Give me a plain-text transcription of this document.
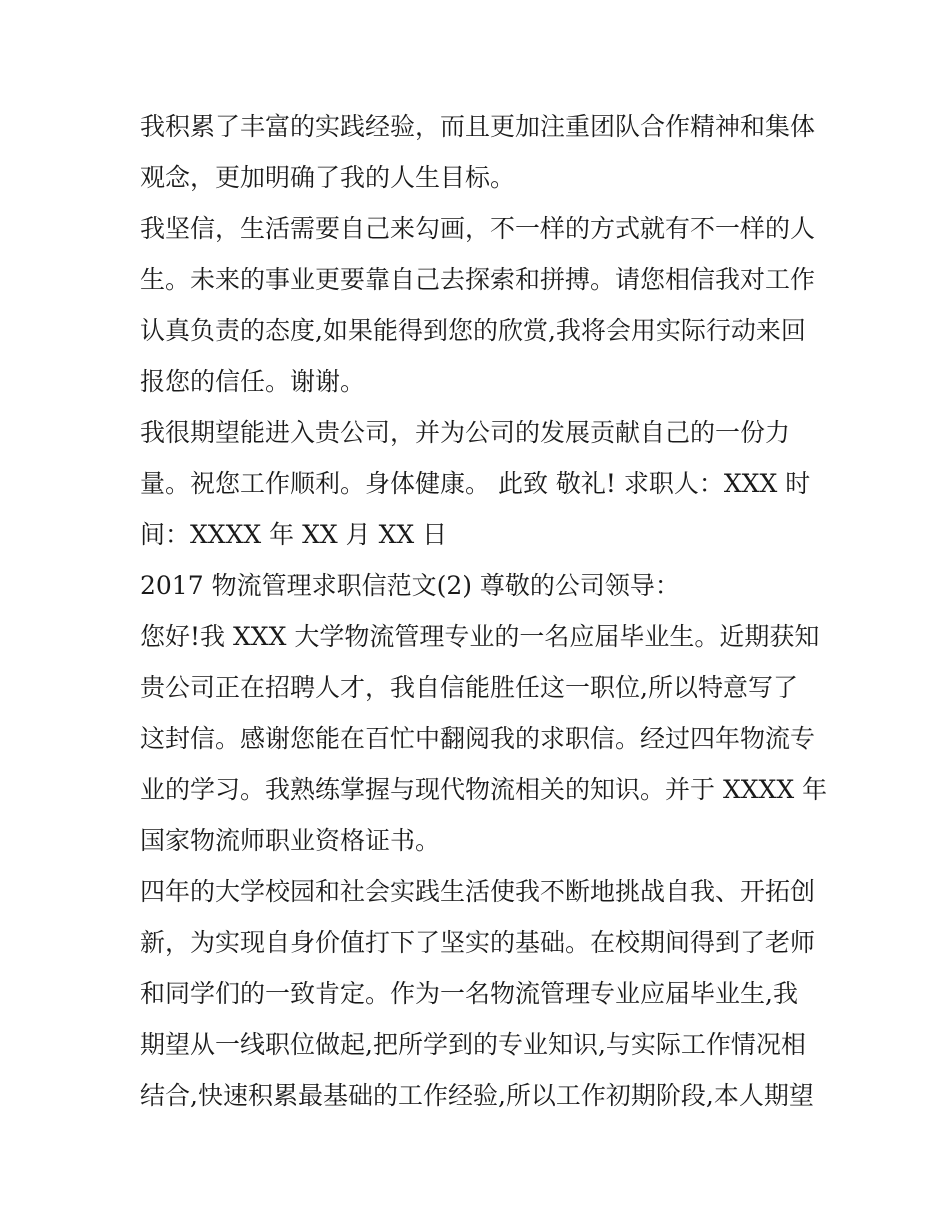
我积累了丰富的实践经验，而且更加注重团队合作精神和集体
观念，更加明确了我的人生目标。
我坚信，生活需要自己来勾画，不一样的方式就有不一样的人
生。未来的事业更要靠自己去探索和拼搏。请您相信我对工作
认真负责的态度,如果能得到您的欣赏,我将会用实际行动来回
报您的信任。谢谢。
我很期望能进入贵公司，并为公司的发展贡献自己的一份力
量。祝您工作顺利。身体健康。 此致 敬礼! 求职人：XXX 时
间：XXXX 年 XX 月 XX 日
2017 物流管理求职信范文(2) 尊敬的公司领导：
您好!我 XXX 大学物流管理专业的一名应届毕业生。近期获知
贵公司正在招聘人才，我自信能胜任这一职位,所以特意写了
这封信。感谢您能在百忙中翻阅我的求职信。经过四年物流专
业的学习。我熟练掌握与现代物流相关的知识。并于 XXXX 年
国家物流师职业资格证书。
四年的大学校园和社会实践生活使我不断地挑战自我、开拓创
新，为实现自身价值打下了坚实的基础。在校期间得到了老师
和同学们的一致肯定。作为一名物流管理专业应届毕业生,我
期望从一线职位做起,把所学到的专业知识,与实际工作情况相
结合,快速积累最基础的工作经验,所以工作初期阶段,本人期望
